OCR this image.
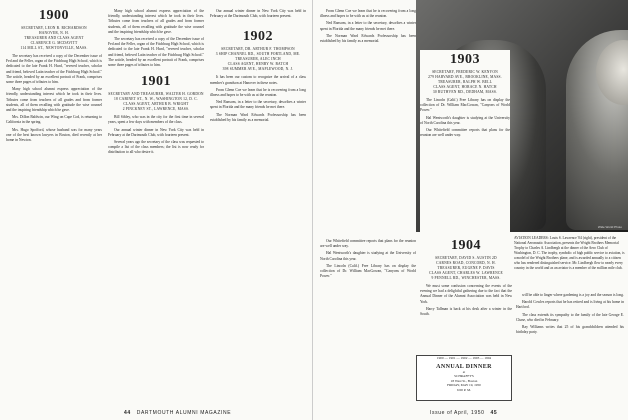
1900
SECRETARY, LEON B. RICHARDSON
HANOVER, N. H.
TREASURER AND CLASS AGENT
CLARENCE G. MCDAVITT
114 MILL ST., NEWTONVILLE, MASS.

The secretary has received a copy of the December issue of Fed and the Feller, organ of the Fitchburg High School, which is dedicated to the late Frank H. Hurd, "revered teacher, scholar and friend, beloved Latin teacher of the Fitchburg High School." The article, headed by an excellent portrait of Frank, comprises some three pages of tributes to him.

Many high school alumni express appreciation of the friendly, understanding interest which he took in their lives. Tributes come from teachers of all grades and from former students, all of them recalling with gratitude the wise counsel and the inspiring friendship which he gave.

Mrs. Dillon Baldwin, our Wing on Cape Cod, is returning to California in the spring.

Mrs. Hugo Spofford, whose husband was for many years one of the best known lawyers in Boston, died recently at her home in Newton.

Many high school alumni express appreciation of the friendly, understanding interest which he took in their lives. Tributes come from teachers of all grades and from former students, all of them recalling with gratitude the wise counsel and the inspiring friendship which he gave.

The secretary has received a copy of the December issue of Fed and the Feller, organ of the Fitchburg High School, which is dedicated to the late Frank H. Hurd, "revered teacher, scholar and friend, beloved Latin teacher of the Fitchburg High School." The article, headed by an excellent portrait of Frank, comprises some three pages of tributes to him.

1901
SECRETARY AND TREASURER, WALTER H. GORDON
18 CABINET ST., N. W., WASHINGTON 12, D. C.
CLASS AGENT, ARTHUR B. WRIGHT
2 PINCKNEY ST., LAWRENCE, MASS.

Bill Sibley, who was in the city for the first time in several years, spent a few days with members of the class.

Our annual winter dinner in New York City was held in February at the Dartmouth Club, with fourteen present.

Several years ago the secretary of the class was requested to compile a list of the class members; the list is now ready for distribution to all who desire it.

Our annual winter dinner in New York City was held in February at the Dartmouth Club, with fourteen present.

1902
SECRETARY, DR. ARTHUR F. THOMPSON
3 SHIP CHANNEL RD., SOUTH PORTLAND, ME.
TREASURER, ALEC INCH
CLASS AGENT, HENRY W. BATCH
398 SUMMER AVE., MAPLEWOOD, N. J.

It has been our custom to recognize the arrival of a class member's grandson at Hanover in these notes.

From Glenn Coe we learn that he is recovering from a long illness and hopes to be with us at the reunion.

Ned Ransom, in a letter to the secretary, describes a winter spent in Florida and the many friends he met there.

The Norman Ward Edwards Professorship has been established by his family as a memorial.

44 DARTMOUTH ALUMNI MAGAZINE

From Glenn Coe we learn that he is recovering from a long illness and hopes to be with us at the reunion.

Ned Ransom, in a letter to the secretary, describes a winter spent in Florida and the many friends he met there.

The Norman Ward Edwards Professorship has been established by his family as a memorial.

Wide World Photo
1903
SECRETARY, FREDERIC W. KENYON
279 HARVARD AVE., BROOKLINE, MASS.
TREASURER, RALPH W. BELL
CLASS AGENT, HORACE N. HATCH
30 RUTHVEN RD., DEDHAM, MASS.

The Lincoln (Calif.) Free Library has on display the collection of Dr. William MacGowan, "Canyons of World Power."

Hal Wentworth's daughter is studying at the University of North Carolina this year.

Our Whitefield committee reports that plans for the reunion are well under way.

AVIATION LEADERS: Louis S. Lawrence '04 (right), president of the National Aeronautic Association, presents the Wright Brothers Memorial Trophy to Charles A. Lindbergh at the dinner of the Aero Club of Washington, D. C. The trophy, symbolic of high public service to aviation, is a model of the Wright Brothers plane, and is awarded annually to a citizen who has rendered distinguished service. Mr. Lindbergh flew to nearly every country in the world and as an aviator is a member of the million mile club.

Our Whitefield committee reports that plans for the reunion are well under way.

Hal Wentworth's daughter is studying at the University of North Carolina this year.

The Lincoln (Calif.) Free Library has on display the collection of Dr. William MacGowan, "Canyons of World Power."

1904
SECRETARY, DAVID S. AUSTIN 2D
CARNES ROAD, CONCORD, N. H.
TREASURER, EUGENE P. DAVIS
CLASS AGENT, CHARLES W. LAWRENCE
9 PENNELL RD., WINCHESTER, MASS.

We must some confusion concerning the events of the evening we had a delightful gathering due to the fact that the Annual Dinner of the Alumni Association was held in New York.

Harry Tallman is back at his desk after a winter in the South.

1900 — 1901 — 1902 — 1903 — 1904
ANNUAL DINNER
at
SCHRAFFT'S
18 West St., Boston
FRIDAY, MAY 19, 1950
6:00 P. M.

will be able to linger where gardening is a joy and the season is long.

Harold Cowles reports that he has retired and is living at his home in Hartford.

The class extends its sympathy to the family of the late George E. Chase, who died in February.

Ray Williams writes that 25 of his grandchildren attended his birthday party.

Issue of April, 1950 45
